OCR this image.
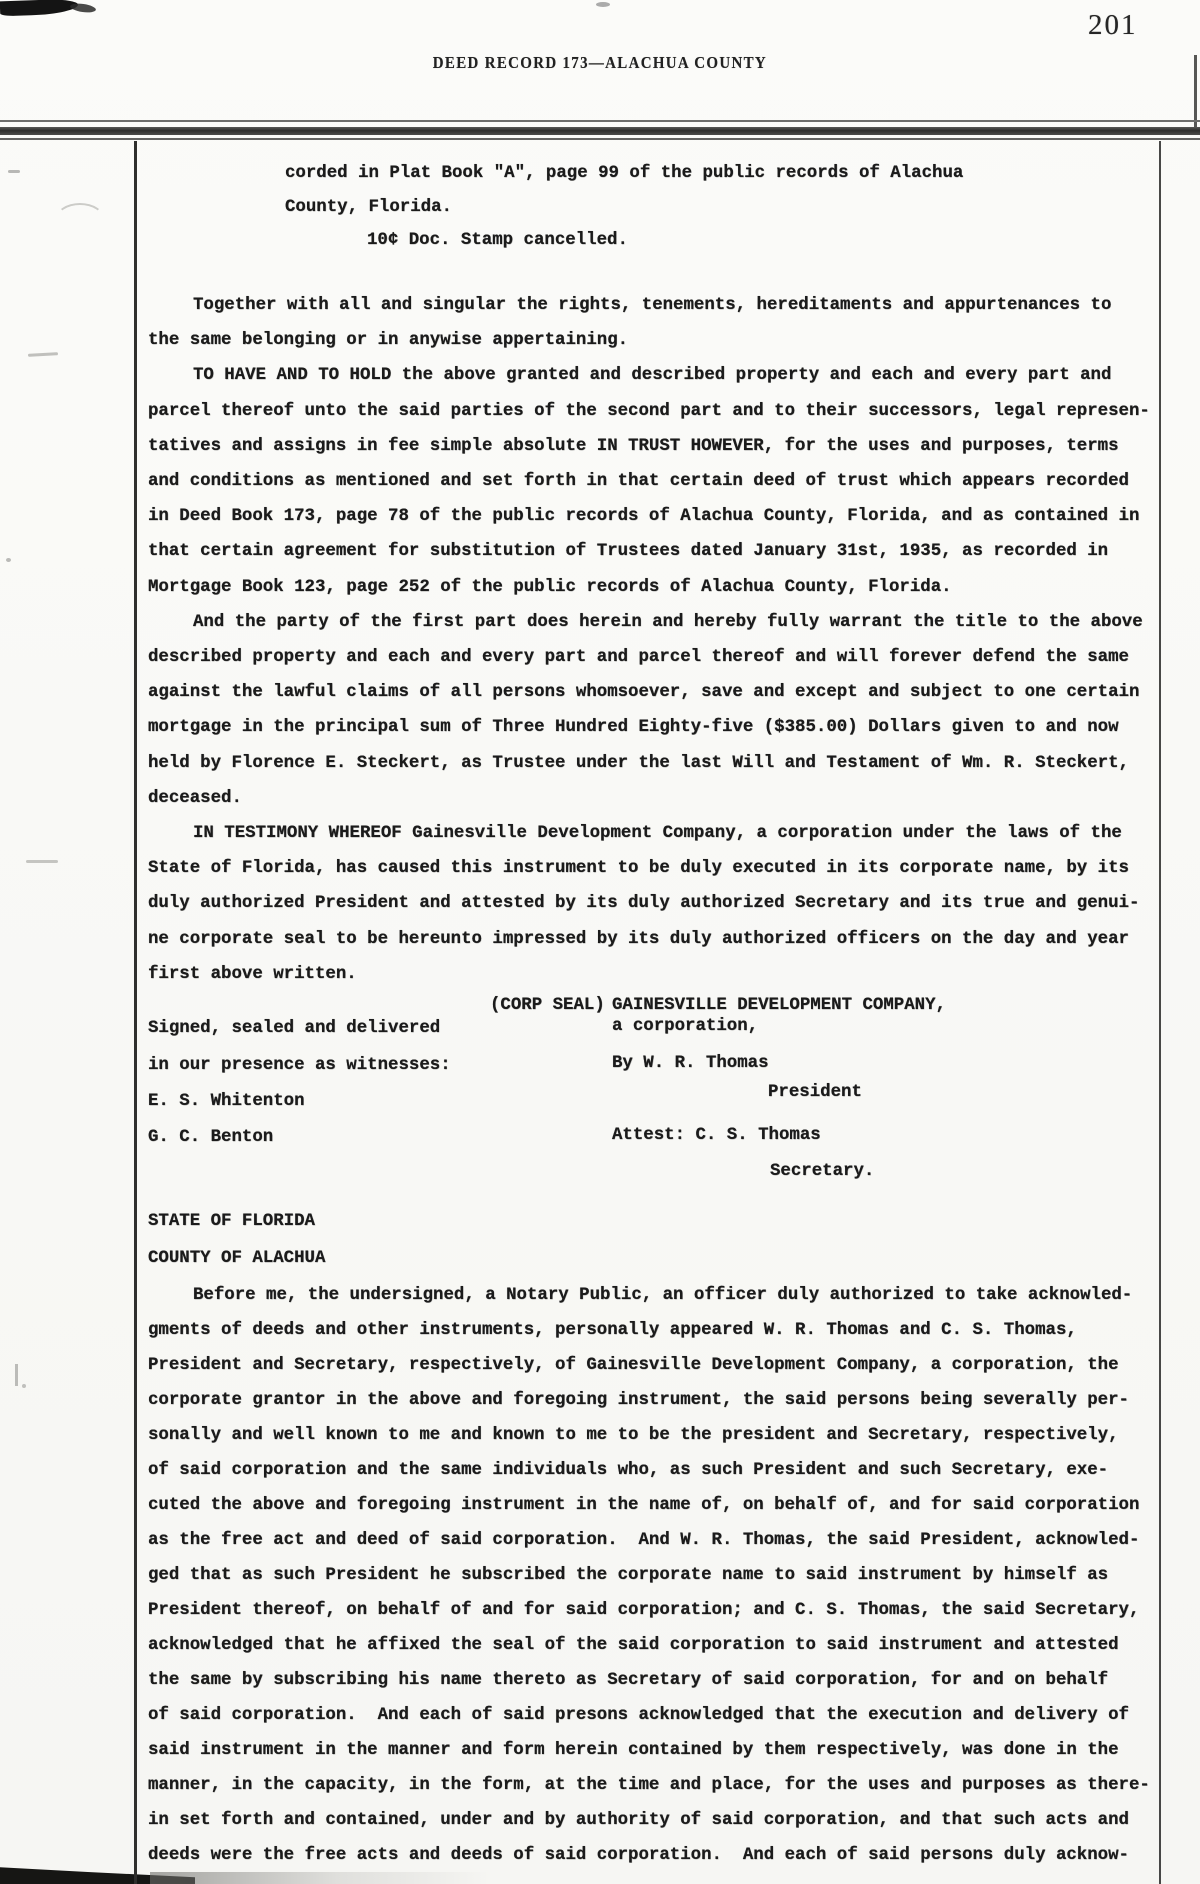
201
DEED RECORD 173—ALACHUA COUNTY
corded in Plat Book "A", page 99 of the public records of Alachua
County, Florida.
10¢ Doc. Stamp cancelled.
Together with all and singular the rights, tenements, hereditaments and appurtenances to
the same belonging or in anywise appertaining.
TO HAVE AND TO HOLD the above granted and described property and each and every part and
parcel thereof unto the said parties of the second part and to their successors, legal represen-
tatives and assigns in fee simple absolute IN TRUST HOWEVER, for the uses and purposes, terms
and conditions as mentioned and set forth in that certain deed of trust which appears recorded
in Deed Book 173, page 78 of the public records of Alachua County, Florida, and as contained in
that certain agreement for substitution of Trustees dated January 31st, 1935, as recorded in
Mortgage Book 123, page 252 of the public records of Alachua County, Florida.
And the party of the first part does herein and hereby fully warrant the title to the above
described property and each and every part and parcel thereof and will forever defend the same
against the lawful claims of all persons whomsoever, save and except and subject to one certain
mortgage in the principal sum of Three Hundred Eighty-five ($385.00) Dollars given to and now
held by Florence E. Steckert, as Trustee under the last Will and Testament of Wm. R. Steckert,
deceased.
IN TESTIMONY WHEREOF Gainesville Development Company, a corporation under the laws of the
State of Florida, has caused this instrument to be duly executed in its corporate name, by its
duly authorized President and attested by its duly authorized Secretary and its true and genui-
ne corporate seal to be hereunto impressed by its duly authorized officers on the day and year
first above written.
Before me, the undersigned, a Notary Public, an officer duly authorized to take acknowled-
gments of deeds and other instruments, personally appeared W. R. Thomas and C. S. Thomas,
President and Secretary, respectively, of Gainesville Development Company, a corporation, the
corporate grantor in the above and foregoing instrument, the said persons being severally per-
sonally and well known to me and known to me to be the president and Secretary, respectively,
of said corporation and the same individuals who, as such President and such Secretary, exe-
cuted the above and foregoing instrument in the name of, on behalf of, and for said corporation
as the free act and deed of said corporation.  And W. R. Thomas, the said President, acknowled-
ged that as such President he subscribed the corporate name to said instrument by himself as
President thereof, on behalf of and for said corporation; and C. S. Thomas, the said Secretary,
acknowledged that he affixed the seal of the said corporation to said instrument and attested
the same by subscribing his name thereto as Secretary of said corporation, for and on behalf
of said corporation.  And each of said presons acknowledged that the execution and delivery of
said instrument in the manner and form herein contained by them respectively, was done in the
manner, in the capacity, in the form, at the time and place, for the uses and purposes as there-
in set forth and contained, under and by authority of said corporation, and that such acts and
deeds were the free acts and deeds of said corporation.  And each of said persons duly acknow-
(CORP SEAL) GAINESVILLE DEVELOPMENT COMPANY,
a corporation,
Signed, sealed and delivered
in our presence as witnesses:	By W. R. Thomas
E. S. Whitenton	President
G. C. Benton	Attest: C. S. Thomas
Secretary.
STATE OF FLORIDA
COUNTY OF ALACHUA
